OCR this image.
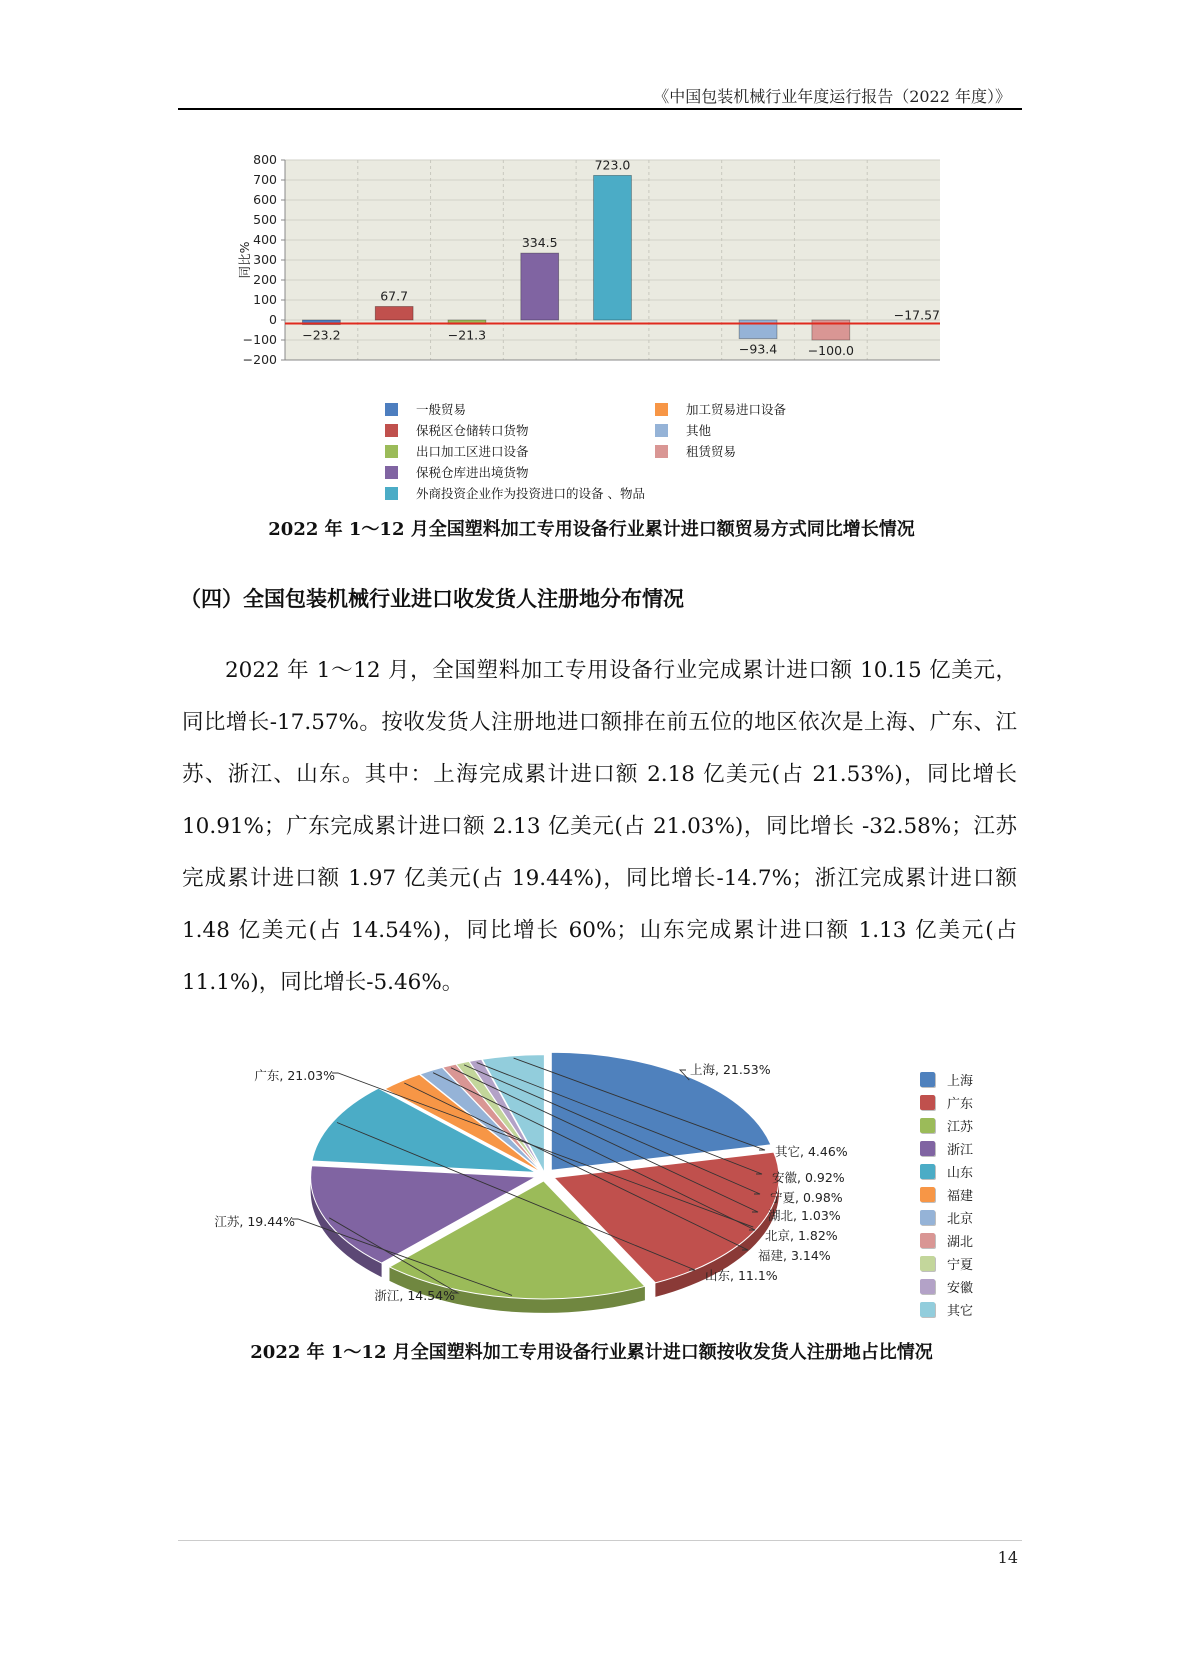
《中国包装机械行业年度运行报告（2022 年度）》
800
700
600
500
400
300
200
100
0
−100
−200
同比%
−23.2
67.7
−21.3
334.5
723.0
−93.4 −100.0
−17.57
一般贸易
保税区仓储转口货物
出口加工区进口设备
保税仓库进出境货物
外商投资企业作为投资进口的设备 、物品
加工贸易进口设备
其他
租赁贸易
2022 年 1～12 月全国塑料加工专用设备行业累计进口额贸易方式同比增长情况
（四）全国包装机械行业进口收发货人注册地分布情况
2022 年 1～12 月，全国塑料加工专用设备行业完成累计进口额 10.15 亿美元，同比增长-17.57%。按收发货人注册地进口额排在前五位的地区依次是上海、广东、江苏、浙江、山东。其中：上海完成累计进口额 2.18 亿美元(占 21.53%)，同比增长 10.91%；广东完成累计进口额 2.13 亿美元(占 21.03%)，同比增长 -32.58%；江苏完成累计进口额 1.97 亿美元(占 19.44%)，同比增长-14.7%；浙江完成累计进口额 1.48 亿美元(占 14.54%)，同比增长 60%；山东完成累计进口额 1.13 亿美元(占 11.1%)，同比增长-5.46%。
上海, 21.53%
广东, 21.03%
江苏, 19.44%
浙江, 14.54%
山东, 11.1%
福建, 3.14%
北京, 1.82%
湖北, 1.03%
宁夏, 0.98%
安徽, 0.92%
其它, 4.46%
上海
广东
江苏
浙江
山东
福建
北京
湖北
宁夏
安徽
其它
2022 年 1～12 月全国塑料加工专用设备行业累计进口额按收发货人注册地占比情况
14
